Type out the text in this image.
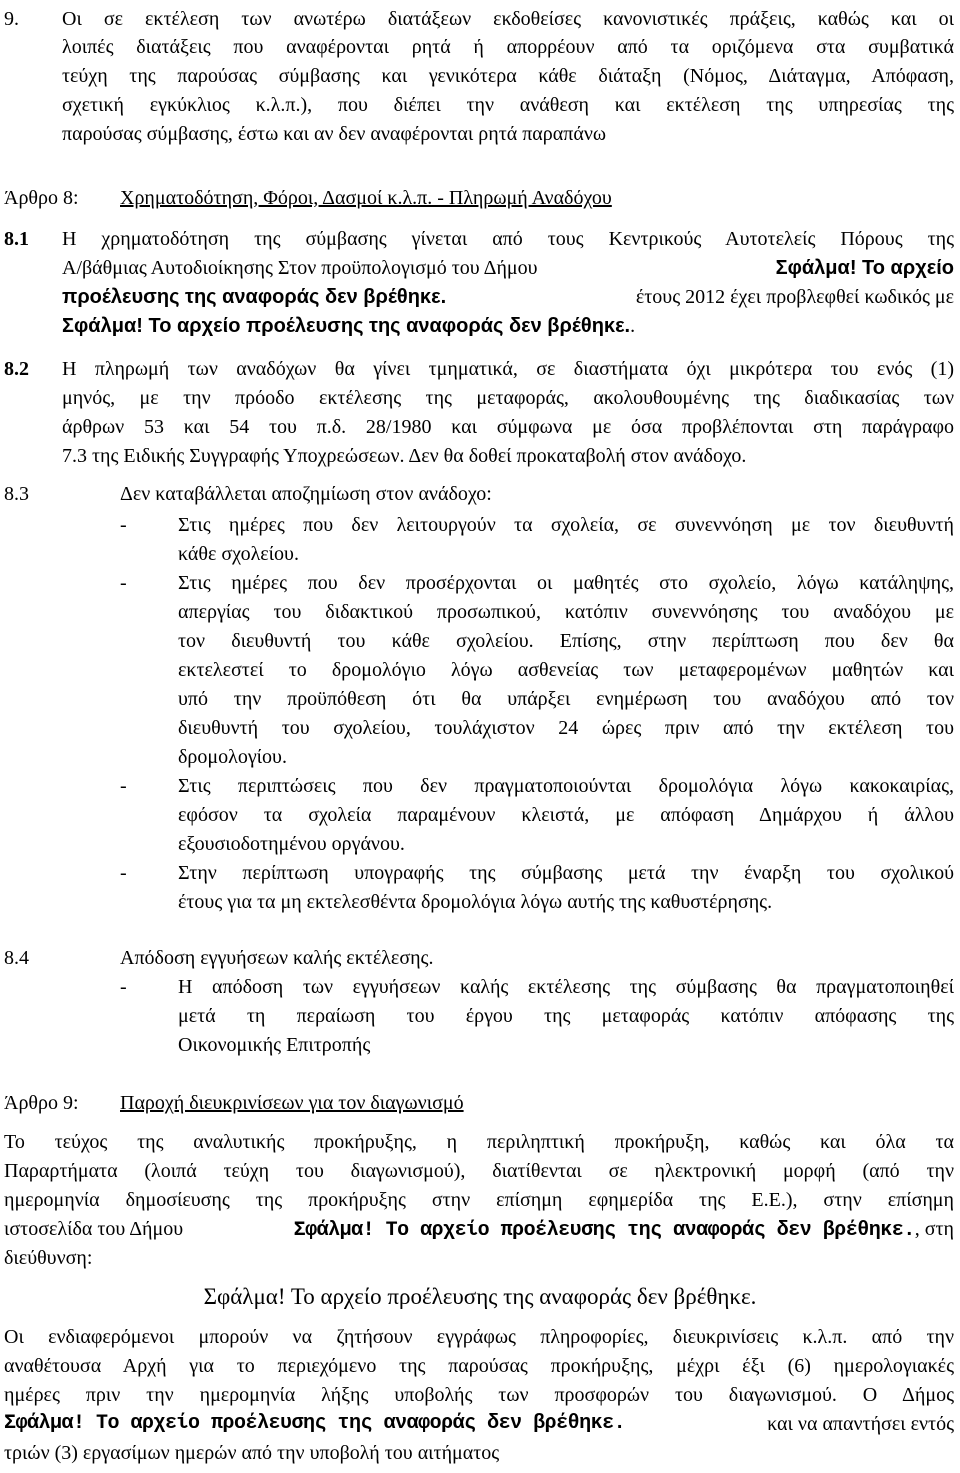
9. Οι σε εκτέλεση των ανωτέρω διατάξεων εκδοθείσες κανονιστικές πράξεις, καθώς και οι
λοιπές διατάξεις που αναφέρονται ρητά ή απορρέουν από τα οριζόμενα στα συμβατικά
τεύχη της παρούσας σύμβασης και γενικότερα κάθε διάταξη (Νόμος, Διάταγμα, Απόφαση,
σχετική εγκύκλιος κ.λ.π.), που διέπει την ανάθεση και εκτέλεση της υπηρεσίας της
παρούσας σύμβασης, έστω και αν δεν αναφέρονται ρητά παραπάνω
Άρθρο 8: Χρηματοδότηση, Φόροι, Δασμοί κ.λ.π. - Πληρωμή Αναδόχου
8.1 Η χρηματοδότηση της σύμβασης γίνεται από τους Κεντρικούς Αυτοτελείς Πόρους της
Α/βάθμιας Αυτοδιοίκησης Στον προϋπολογισμό του Δήμου	Σφάλμα! Το αρχείο
προέλευσης της αναφοράς δεν βρέθηκε.	έτους 2012 έχει προβλεφθεί κωδικός με
Σφάλμα! Το αρχείο προέλευσης της αναφοράς δεν βρέθηκε..
8.2 Η πληρωμή των αναδόχων θα γίνει τμηματικά, σε διαστήματα όχι μικρότερα του ενός (1)
μηνός, με την πρόοδο εκτέλεσης της μεταφοράς, ακολουθουμένης της διαδικασίας των
άρθρων 53 και 54 του π.δ. 28/1980 και σύμφωνα με όσα προβλέπονται στη παράγραφο
7.3 της Ειδικής Συγγραφής Υποχρεώσεων. Δεν θα δοθεί προκαταβολή στον ανάδοχο.
8.3	Δεν καταβάλλεται αποζημίωση στον ανάδοχο:
-	Στις ημέρες που δεν λειτουργούν τα σχολεία, σε συνεννόηση με τον διευθυντή
κάθε σχολείου.
-	Στις ημέρες που δεν προσέρχονται οι μαθητές στο σχολείο, λόγω κατάληψης,
απεργίας του διδακτικού προσωπικού, κατόπιν συνεννόησης του αναδόχου με
τον διευθυντή του κάθε σχολείου. Επίσης, στην περίπτωση που δεν θα
εκτελεστεί το δρομολόγιο λόγω ασθενείας των μεταφερομένων μαθητών και
υπό την προϋπόθεση ότι θα υπάρξει ενημέρωση του αναδόχου από τον
διευθυντή του σχολείου, τουλάχιστον 24 ώρες πριν από την εκτέλεση του
δρομολογίου.
-	Στις περιπτώσεις που δεν πραγματοποιούνται δρομολόγια λόγω κακοκαιρίας,
εφόσον τα σχολεία παραμένουν κλειστά, με απόφαση Δημάρχου ή άλλου
εξουσιοδοτημένου οργάνου.
-	Στην περίπτωση υπογραφής της σύμβασης μετά την έναρξη του σχολικού
έτους για τα μη εκτελεσθέντα δρομολόγια λόγω αυτής της καθυστέρησης.
8.4	Απόδοση εγγυήσεων καλής εκτέλεσης.
-	Η απόδοση των εγγυήσεων καλής εκτέλεσης της σύμβασης θα πραγματοποιηθεί
μετά τη περαίωση του έργου της μεταφοράς κατόπιν απόφασης της
Οικονομικής Επιτροπής
Άρθρο 9: Παροχή διευκρινίσεων για τον διαγωνισμό
Το τεύχος της αναλυτικής προκήρυξης, η περιληπτική προκήρυξη, καθώς και όλα τα
Παραρτήματα (λοιπά τεύχη του διαγωνισμού), διατίθενται σε ηλεκτρονική μορφή (από την
ημερομηνία δημοσίευσης της προκήρυξης στην επίσημη εφημερίδα της Ε.Ε.), στην επίσημη
ιστοσελίδα του Δήμου	Σφάλμα! Το αρχείο προέλευσης της αναφοράς δεν βρέθηκε., στη
διεύθυνση:
Σφάλμα! Το αρχείο προέλευσης της αναφοράς δεν βρέθηκε.
Οι ενδιαφερόμενοι μπορούν να ζητήσουν εγγράφως πληροφορίες, διευκρινίσεις κ.λ.π. από την
αναθέτουσα Αρχή για το περιεχόμενο της παρούσας προκήρυξης, μέχρι έξι (6) ημερολογιακές
ημέρες πριν την ημερομηνία λήξης υποβολής των προσφορών του διαγωνισμού. Ο Δήμος
Σφάλμα! Το αρχείο προέλευσης της αναφοράς δεν βρέθηκε.	και να απαντήσει εντός
τριών (3) εργασίμων ημερών από την υποβολή του αιτήματος
